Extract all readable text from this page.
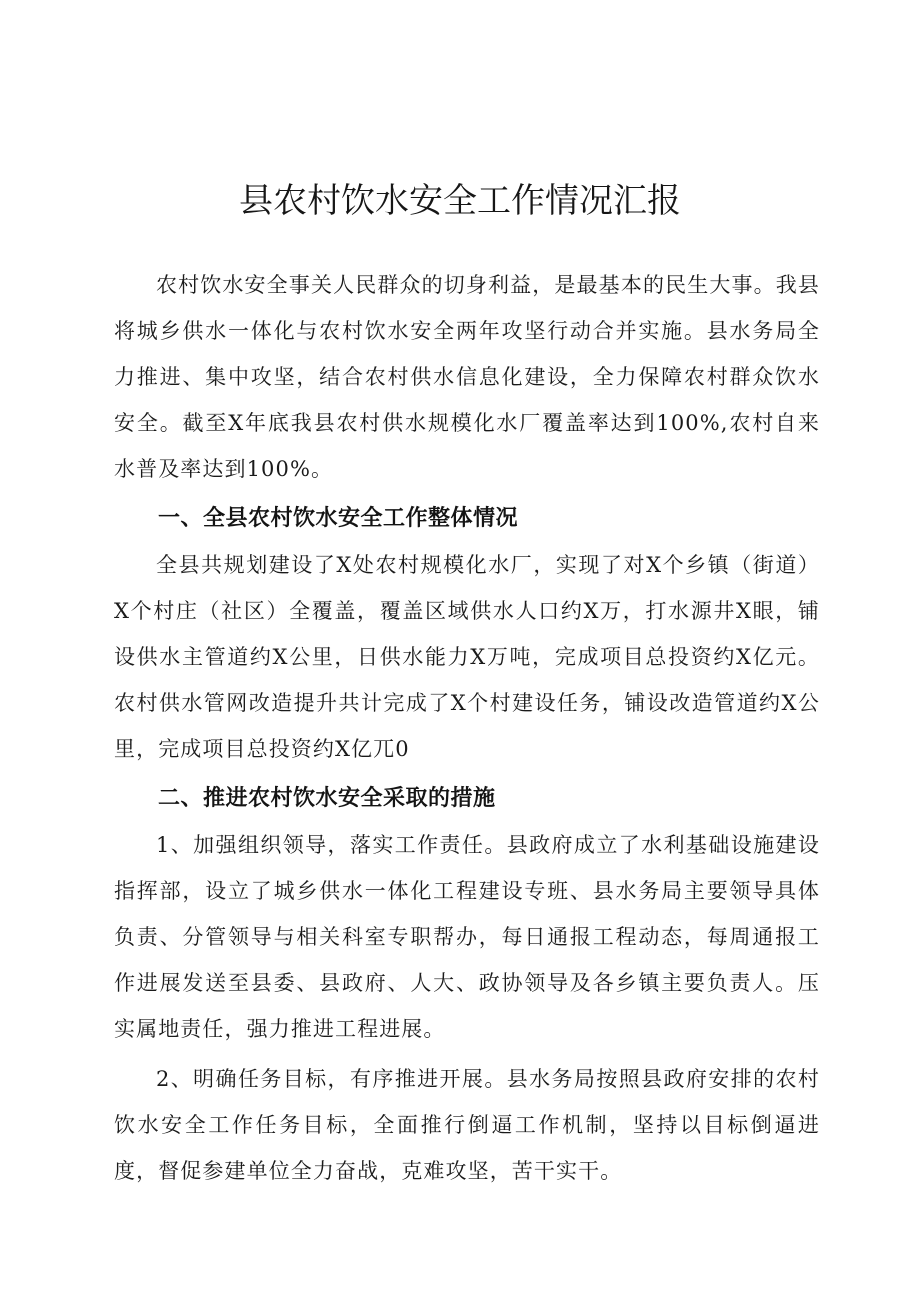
县农村饮水安全工作情况汇报

农村饮水安全事关人民群众的切身利益，是最基本的民生大事。我县将城乡供水一体化与农村饮水安全两年攻坚行动合并实施。县水务局全力推进、集中攻坚，结合农村供水信息化建设，全力保障农村群众饮水安全。截至X年底我县农村供水规模化水厂覆盖率达到100%,农村自来水普及率达到100%。

一、全县农村饮水安全工作整体情况

全县共规划建设了X处农村规模化水厂，实现了对X个乡镇（街道）X个村庄（社区）全覆盖，覆盖区域供水人口约X万，打水源井X眼，铺设供水主管道约X公里，日供水能力X万吨，完成项目总投资约X亿元。农村供水管网改造提升共计完成了X个村建设任务，铺设改造管道约X公里，完成项目总投资约X亿兀0

二、推进农村饮水安全采取的措施

1、加强组织领导，落实工作责任。县政府成立了水利基础设施建设指挥部，设立了城乡供水一体化工程建设专班、县水务局主要领导具体负责、分管领导与相关科室专职帮办，每日通报工程动态，每周通报工作进展发送至县委、县政府、人大、政协领导及各乡镇主要负责人。压实属地责任，强力推进工程进展。

2、明确任务目标，有序推进开展。县水务局按照县政府安排的农村饮水安全工作任务目标，全面推行倒逼工作机制，坚持以目标倒逼进度，督促参建单位全力奋战，克难攻坚，苦干实干。
